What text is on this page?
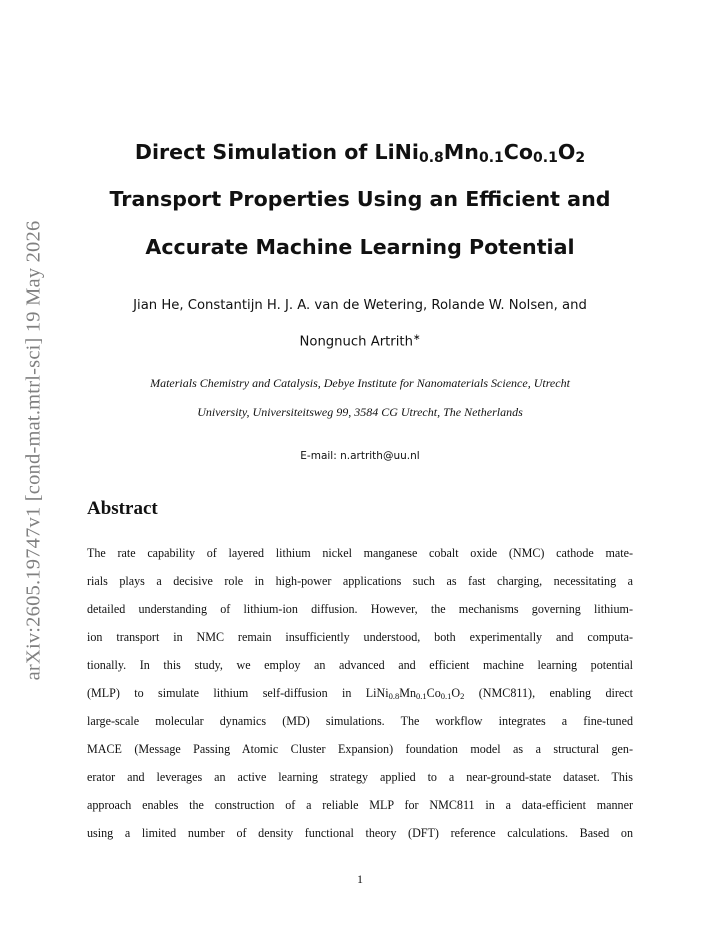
arXiv:2605.19747v1 [cond-mat.mtrl-sci] 19 May 2026
Direct Simulation of $LiNi_{0.8}Mn_{0.1}Co_{0.1}O_2$
Transport Properties Using an Efficient and
Accurate Machine Learning Potential
Jian He, Constantijn H. J. A. van de Wetering, Rolande W. Nolsen, and
Nongnuch Artrith∗
Materials Chemistry and Catalysis, Debye Institute for Nanomaterials Science, Utrecht
University, Universiteitsweg 99, 3584 CG Utrecht, The Netherlands
E-mail: n.artrith@uu.nl
Abstract
The rate capability of layered lithium nickel manganese cobalt oxide (NMC) cathode mate-
rials plays a decisive role in high-power applications such as fast charging, necessitating a
detailed understanding of lithium-ion diffusion. However, the mechanisms governing lithium-
ion transport in NMC remain insufficiently understood, both experimentally and computa-
tionally. In this study, we employ an advanced and efficient machine learning potential
(MLP) to simulate lithium self-diffusion in $LiNi_{0.8}Mn_{0.1}Co_{0.1}O_2$ (NMC811), enabling direct
large-scale molecular dynamics (MD) simulations. The workflow integrates a fine-tuned
MACE (Message Passing Atomic Cluster Expansion) foundation model as a structural gen-
erator and leverages an active learning strategy applied to a near-ground-state dataset. This
approach enables the construction of a reliable MLP for NMC811 in a data-efficient manner
using a limited number of density functional theory (DFT) reference calculations. Based on
1
